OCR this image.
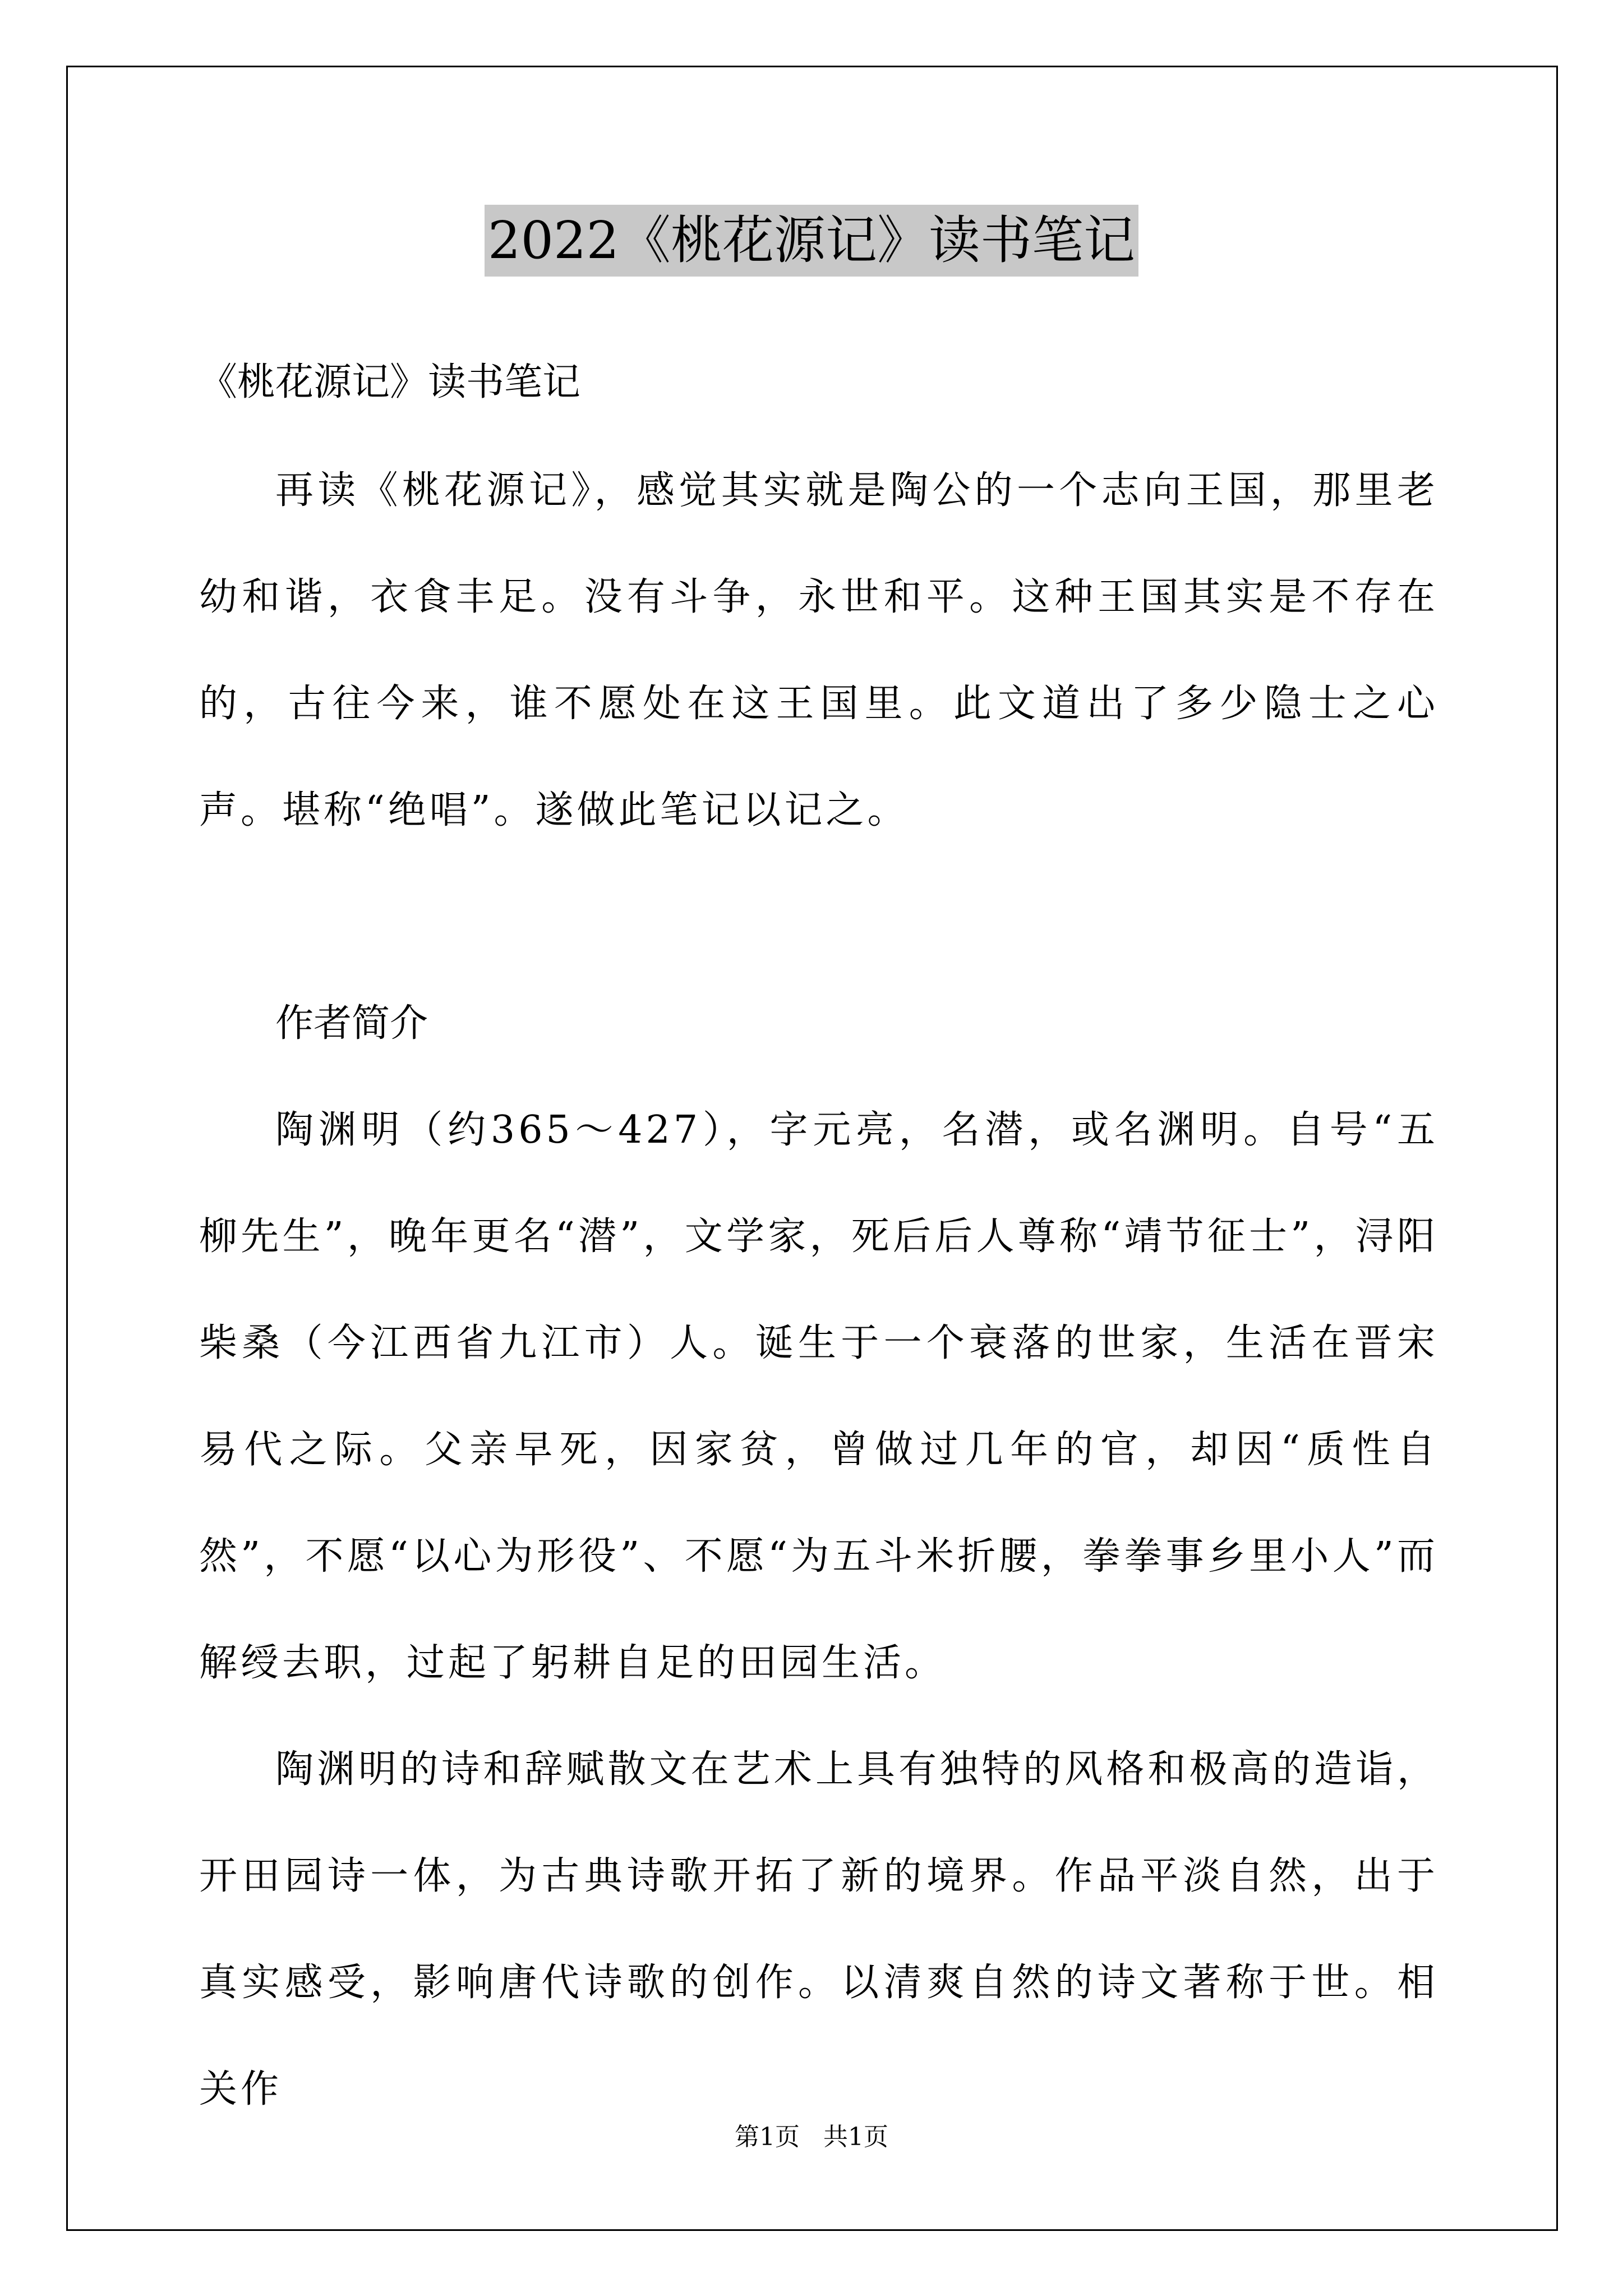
2022《桃花源记》读书笔记

《桃花源记》读书笔记

再读《桃花源记》，感觉其实就是陶公的一个志向王国，那里老幼和谐，衣食丰足。没有斗争，永世和平。这种王国其实是不存在的，古往今来，谁不愿处在这王国里。此文道出了多少隐士之心声。堪称“绝唱”。遂做此笔记以记之。

作者简介

陶渊明（约365～427），字元亮，名潜，或名渊明。自号“五柳先生”，晚年更名“潜”，文学家，死后后人尊称“靖节征士”，浔阳柴桑（今江西省九江市）人。诞生于一个衰落的世家，生活在晋宋易代之际。父亲早死，因家贫，曾做过几年的官，却因“质性自然”，不愿“以心为形役”、不愿“为五斗米折腰，拳拳事乡里小人”而解绶去职，过起了躬耕自足的田园生活。

陶渊明的诗和辞赋散文在艺术上具有独特的风格和极高的造诣，开田园诗一体，为古典诗歌开拓了新的境界。作品平淡自然，出于真实感受，影响唐代诗歌的创作。以清爽自然的诗文著称于世。相关作

第1页 共1页
